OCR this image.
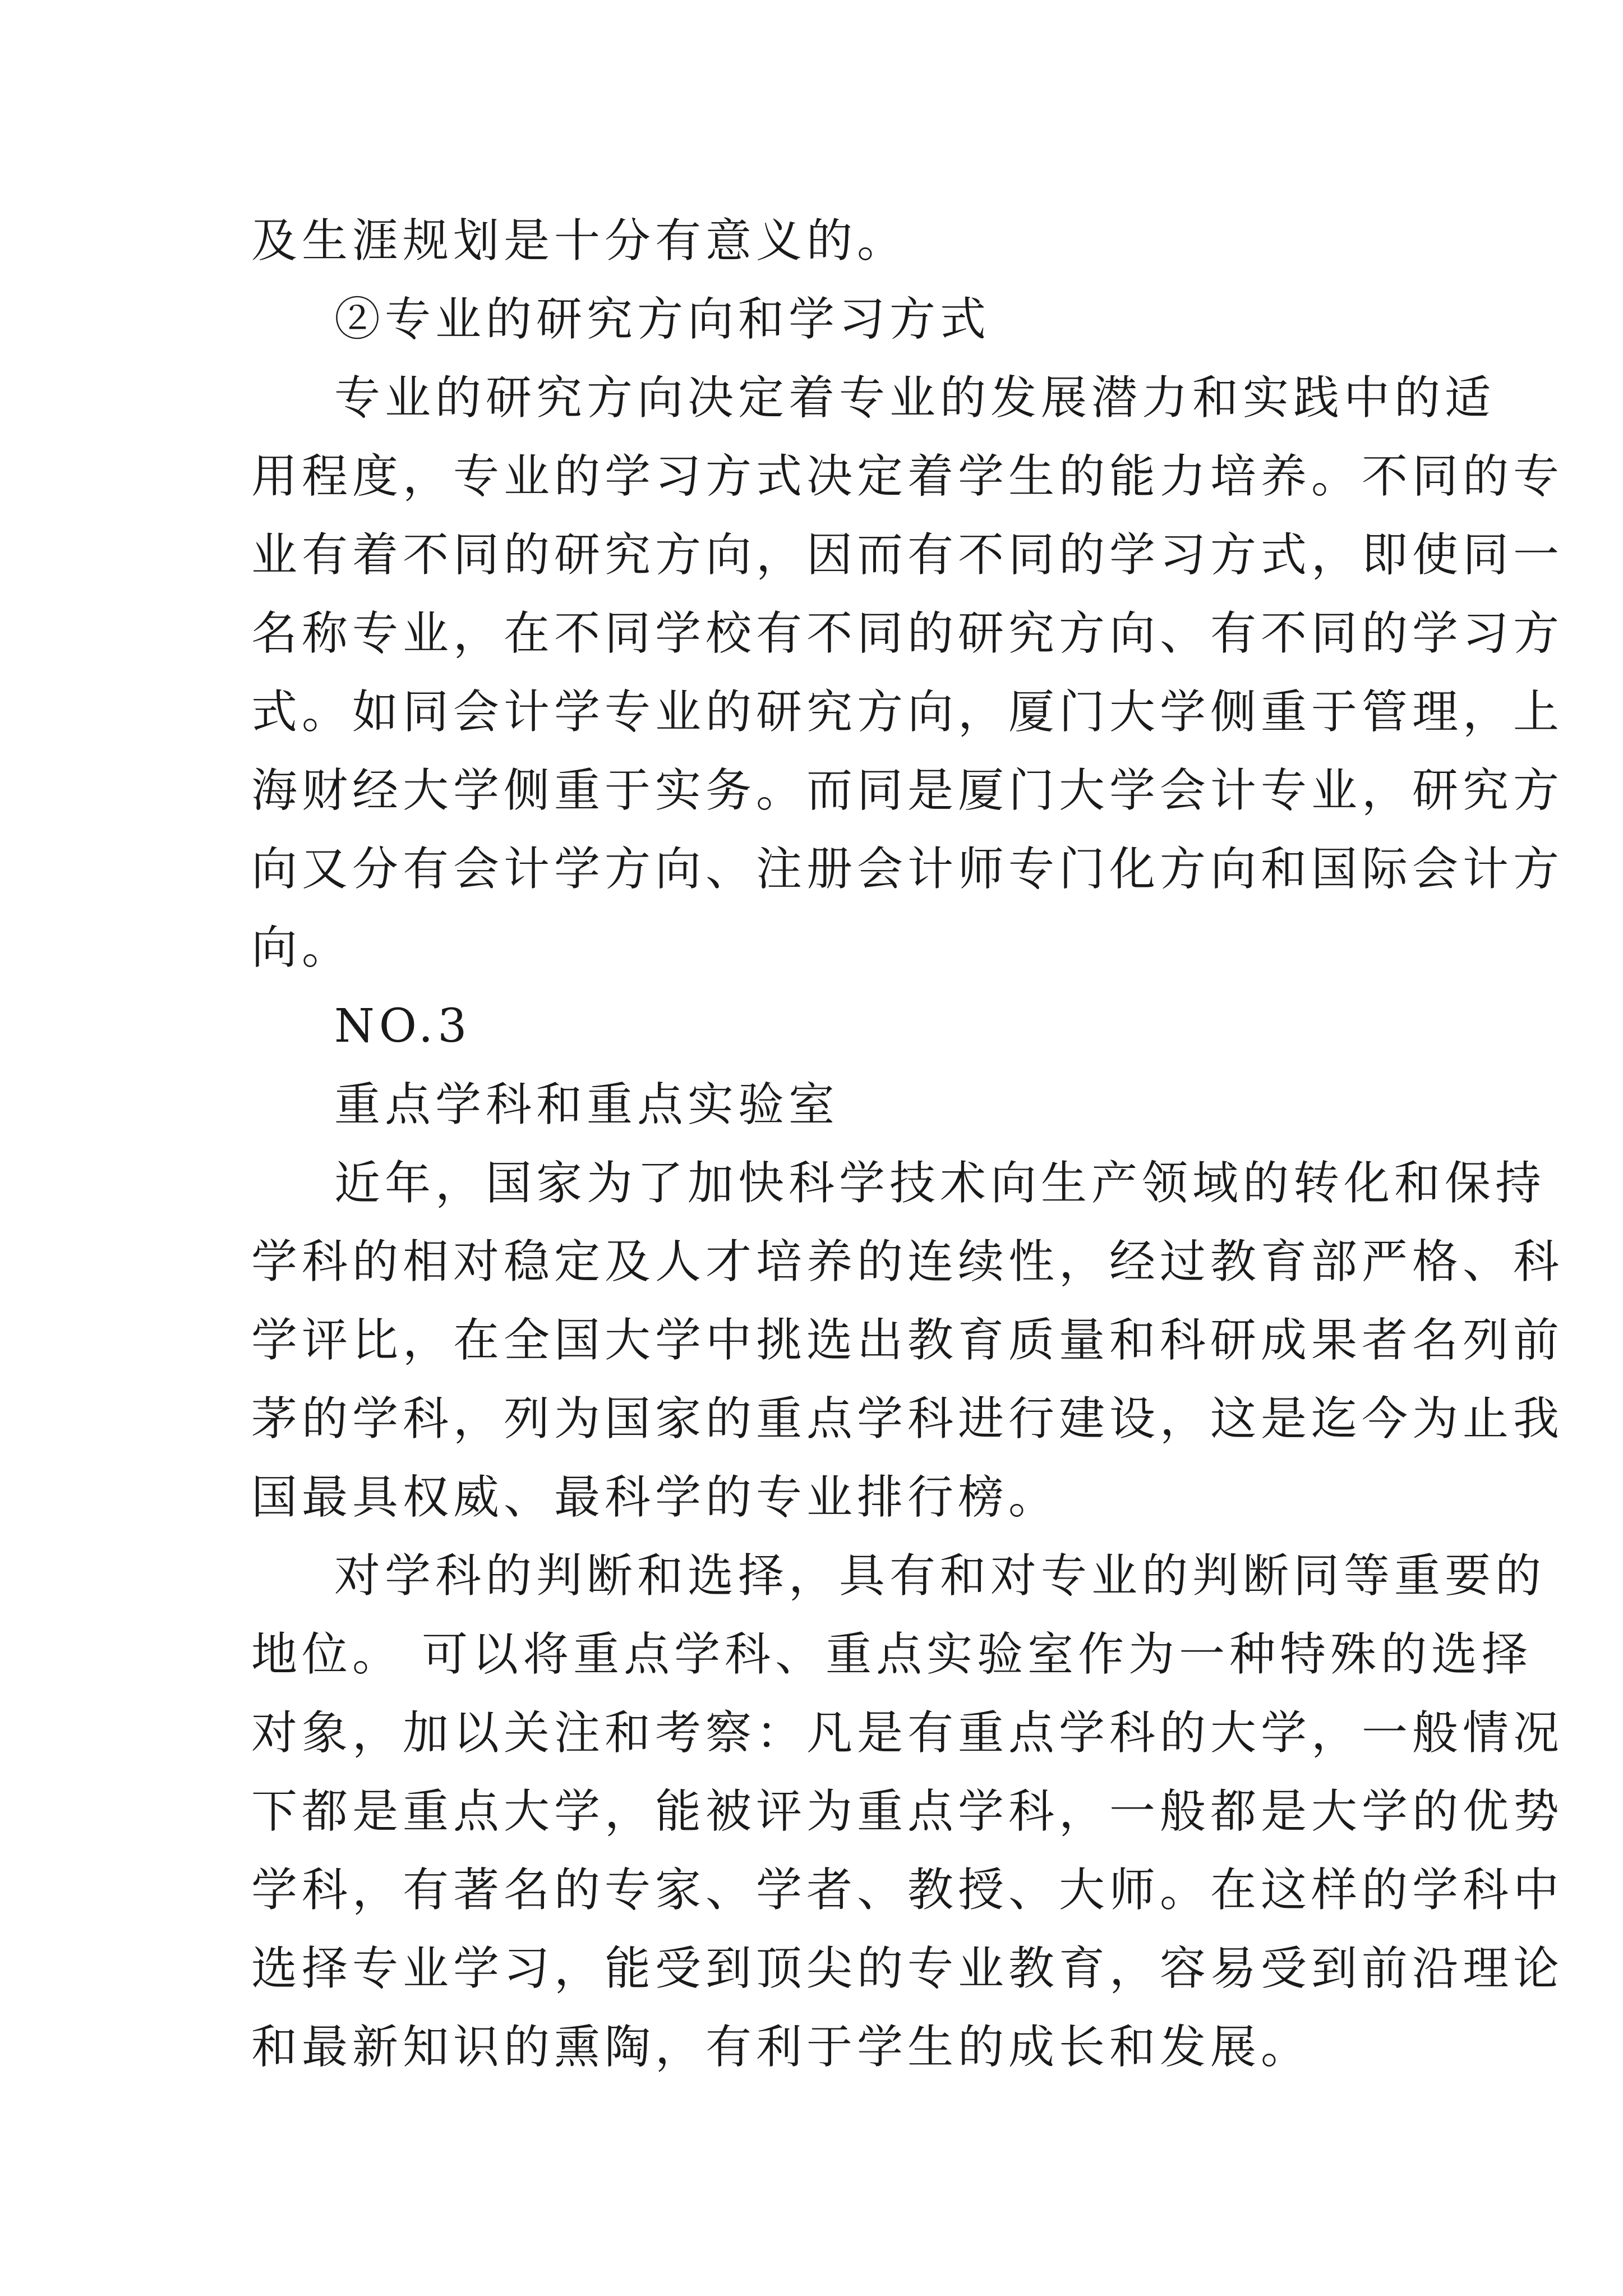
及生涯规划是十分有意义的。
②专业的研究方向和学习方式
专业的研究方向决定着专业的发展潜力和实践中的适
用程度，专业的学习方式决定着学生的能力培养。不同的专
业有着不同的研究方向，因而有不同的学习方式，即使同一
名称专业，在不同学校有不同的研究方向、有不同的学习方
式。如同会计学专业的研究方向，厦门大学侧重于管理，上
海财经大学侧重于实务。而同是厦门大学会计专业，研究方
向又分有会计学方向、注册会计师专门化方向和国际会计方
向。
NO.3
重点学科和重点实验室
近年，国家为了加快科学技术向生产领域的转化和保持
学科的相对稳定及人才培养的连续性，经过教育部严格、科
学评比，在全国大学中挑选出教育质量和科研成果者名列前
茅的学科，列为国家的重点学科进行建设，这是迄今为止我
国最具权威、最科学的专业排行榜。
对学科的判断和选择，具有和对专业的判断同等重要的
地位。 可以将重点学科、重点实验室作为一种特殊的选择
对象，加以关注和考察：凡是有重点学科的大学，一般情况
下都是重点大学，能被评为重点学科，一般都是大学的优势
学科，有著名的专家、学者、教授、大师。在这样的学科中
选择专业学习，能受到顶尖的专业教育，容易受到前沿理论
和最新知识的熏陶，有利于学生的成长和发展。
